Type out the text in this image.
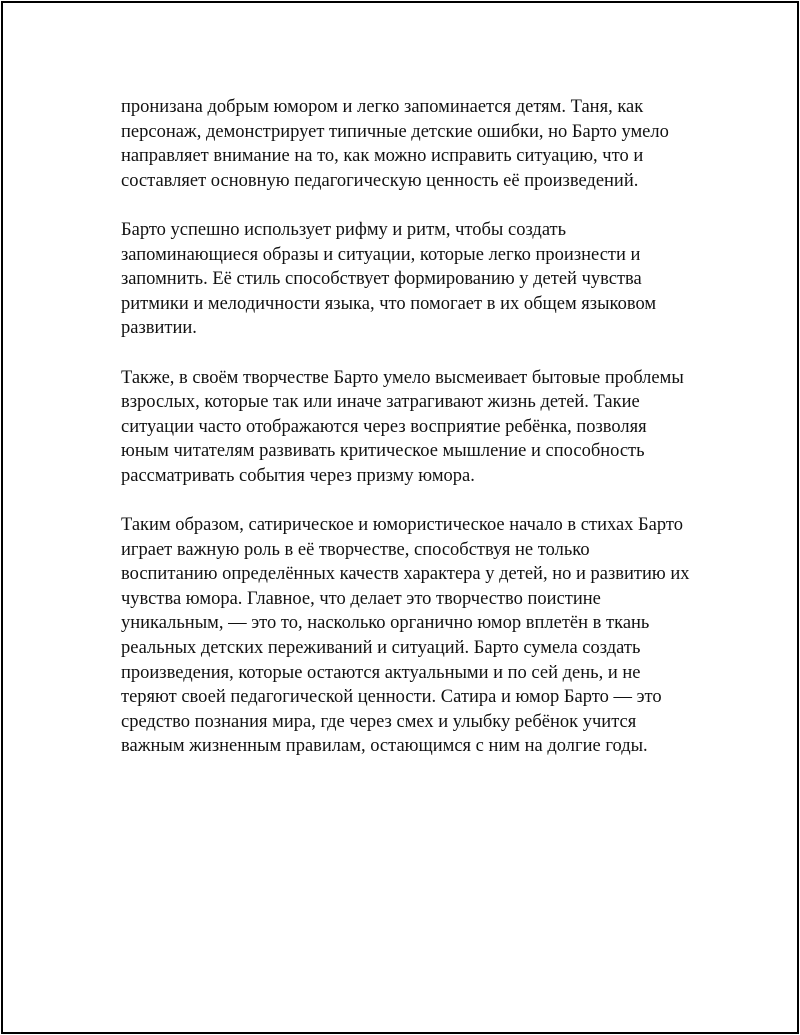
пронизана добрым юмором и легко запоминается детям. Таня, как
персонаж, демонстрирует типичные детские ошибки, но Барто умело
направляет внимание на то, как можно исправить ситуацию, что и
составляет основную педагогическую ценность её произведений.

Барто успешно использует рифму и ритм, чтобы создать
запоминающиеся образы и ситуации, которые легко произнести и
запомнить. Её стиль способствует формированию у детей чувства
ритмики и мелодичности языка, что помогает в их общем языковом
развитии.

Также, в своём творчестве Барто умело высмеивает бытовые проблемы
взрослых, которые так или иначе затрагивают жизнь детей. Такие
ситуации часто отображаются через восприятие ребёнка, позволяя
юным читателям развивать критическое мышление и способность
рассматривать события через призму юмора.

Таким образом, сатирическое и юмористическое начало в стихах Барто
играет важную роль в её творчестве, способствуя не только
воспитанию определённых качеств характера у детей, но и развитию их
чувства юмора. Главное, что делает это творчество поистине
уникальным, — это то, насколько органично юмор вплетён в ткань
реальных детских переживаний и ситуаций. Барто сумела создать
произведения, которые остаются актуальными и по сей день, и не
теряют своей педагогической ценности. Сатира и юмор Барто — это
средство познания мира, где через смех и улыбку ребёнок учится
важным жизненным правилам, остающимся с ним на долгие годы.
